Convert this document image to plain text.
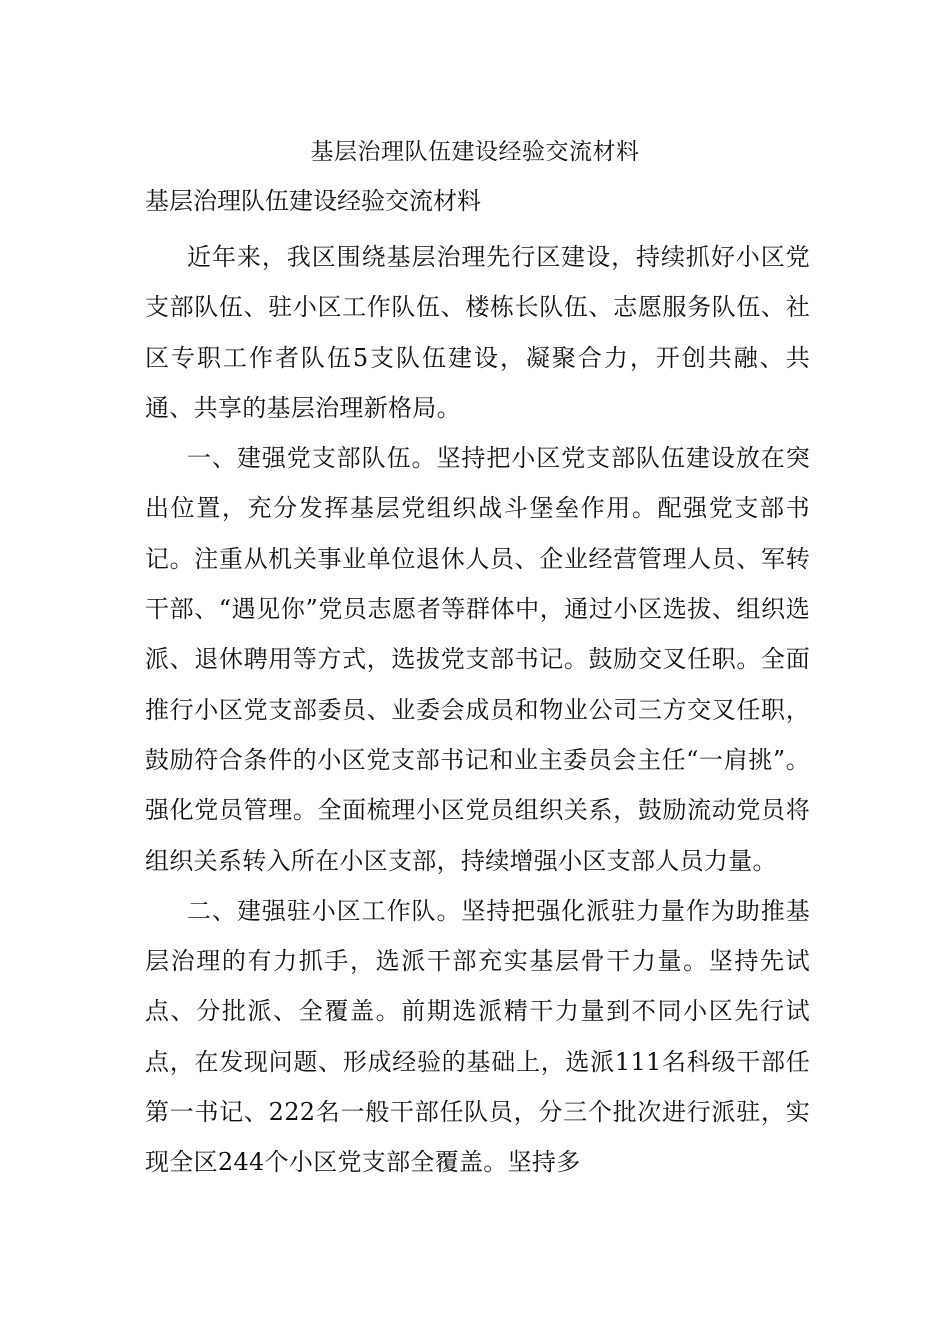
基层治理队伍建设经验交流材料
基层治理队伍建设经验交流材料

近年来，我区围绕基层治理先行区建设，持续抓好小区党支部队伍、驻小区工作队伍、楼栋长队伍、志愿服务队伍、社区专职工作者队伍5支队伍建设，凝聚合力，开创共融、共通、共享的基层治理新格局。

一、建强党支部队伍。坚持把小区党支部队伍建设放在突出位置，充分发挥基层党组织战斗堡垒作用。配强党支部书记。注重从机关事业单位退休人员、企业经营管理人员、军转干部、“遇见你”党员志愿者等群体中，通过小区选拔、组织选派、退休聘用等方式，选拔党支部书记。鼓励交叉任职。全面推行小区党支部委员、业委会成员和物业公司三方交叉任职，鼓励符合条件的小区党支部书记和业主委员会主任“一肩挑”。强化党员管理。全面梳理小区党员组织关系，鼓励流动党员将组织关系转入所在小区支部，持续增强小区支部人员力量。

二、建强驻小区工作队。坚持把强化派驻力量作为助推基层治理的有力抓手，选派干部充实基层骨干力量。坚持先试点、分批派、全覆盖。前期选派精干力量到不同小区先行试点，在发现问题、形成经验的基础上，选派111名科级干部任第一书记、222名一般干部任队员，分三个批次进行派驻，实现全区244个小区党支部全覆盖。坚持多
